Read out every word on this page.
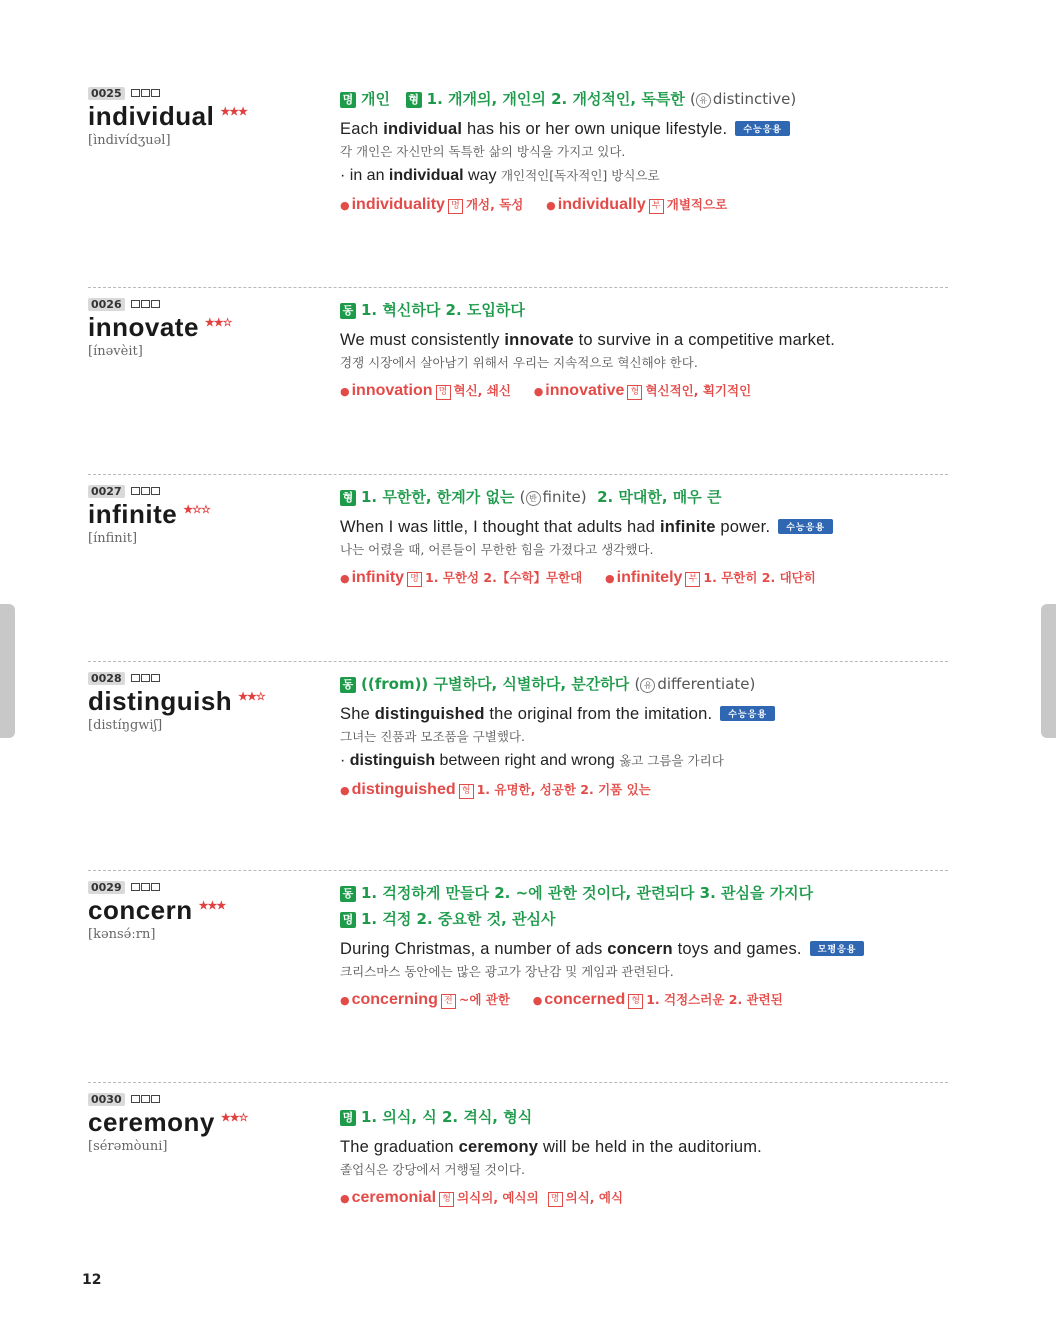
0025
individual ★★★
[ìndivídʒuəl]
명 개인 형 1. 개개의, 개인의 2. 개성적인, 독특한 ( 유 distinctive)
Each individual has his or her own unique lifestyle. 수능응용
각 개인은 자신만의 독특한 삶의 방식을 가지고 있다.
· in an individual way 개인적인[독자적인] 방식으로
● individuality 명 개성, 독성 ● individually 부 개별적으로
0026
innovate ★★☆
[ínəvèit]
동 1. 혁신하다 2. 도입하다
We must consistently innovate to survive in a competitive market.
경쟁 시장에서 살아남기 위해서 우리는 지속적으로 혁신해야 한다.
● innovation 명 혁신, 쇄신 ● innovative 형 혁신적인, 획기적인
0027
infinite ★☆☆
[ínfinit]
형 1. 무한한, 한계가 없는 ( 반 finite) 2. 막대한, 매우 큰
When I was little, I thought that adults had infinite power. 수능응용
나는 어렸을 때, 어른들이 무한한 힘을 가졌다고 생각했다.
● infinity 명 1. 무한성 2.【수학】무한대 ● infinitely 부 1. 무한히 2. 대단히
0028
distinguish ★★☆
[distíŋgwiʃ]
동 ((from)) 구별하다, 식별하다, 분간하다 ( 유 differentiate)
She distinguished the original from the imitation. 수능응용
그녀는 진품과 모조품을 구별했다.
· distinguish between right and wrong 옳고 그름을 가리다
● distinguished 형 1. 유명한, 성공한 2. 기품 있는
0029
concern ★★★
[kənsə́ːrn]
동 1. 걱정하게 만들다 2. ~에 관한 것이다, 관련되다 3. 관심을 가지다
명 1. 걱정 2. 중요한 것, 관심사
During Christmas, a number of ads concern toys and games. 모평응용
크리스마스 동안에는 많은 광고가 장난감 및 게임과 관련된다.
● concerning 전 ~에 관한 ● concerned 형 1. 걱정스러운 2. 관련된
0030
ceremony ★★☆
[sérəmòuni]
명 1. 의식, 식 2. 격식, 형식
The graduation ceremony will be held in the auditorium.
졸업식은 강당에서 거행될 것이다.
● ceremonial 형 의식의, 예식의 명 의식, 예식
12
